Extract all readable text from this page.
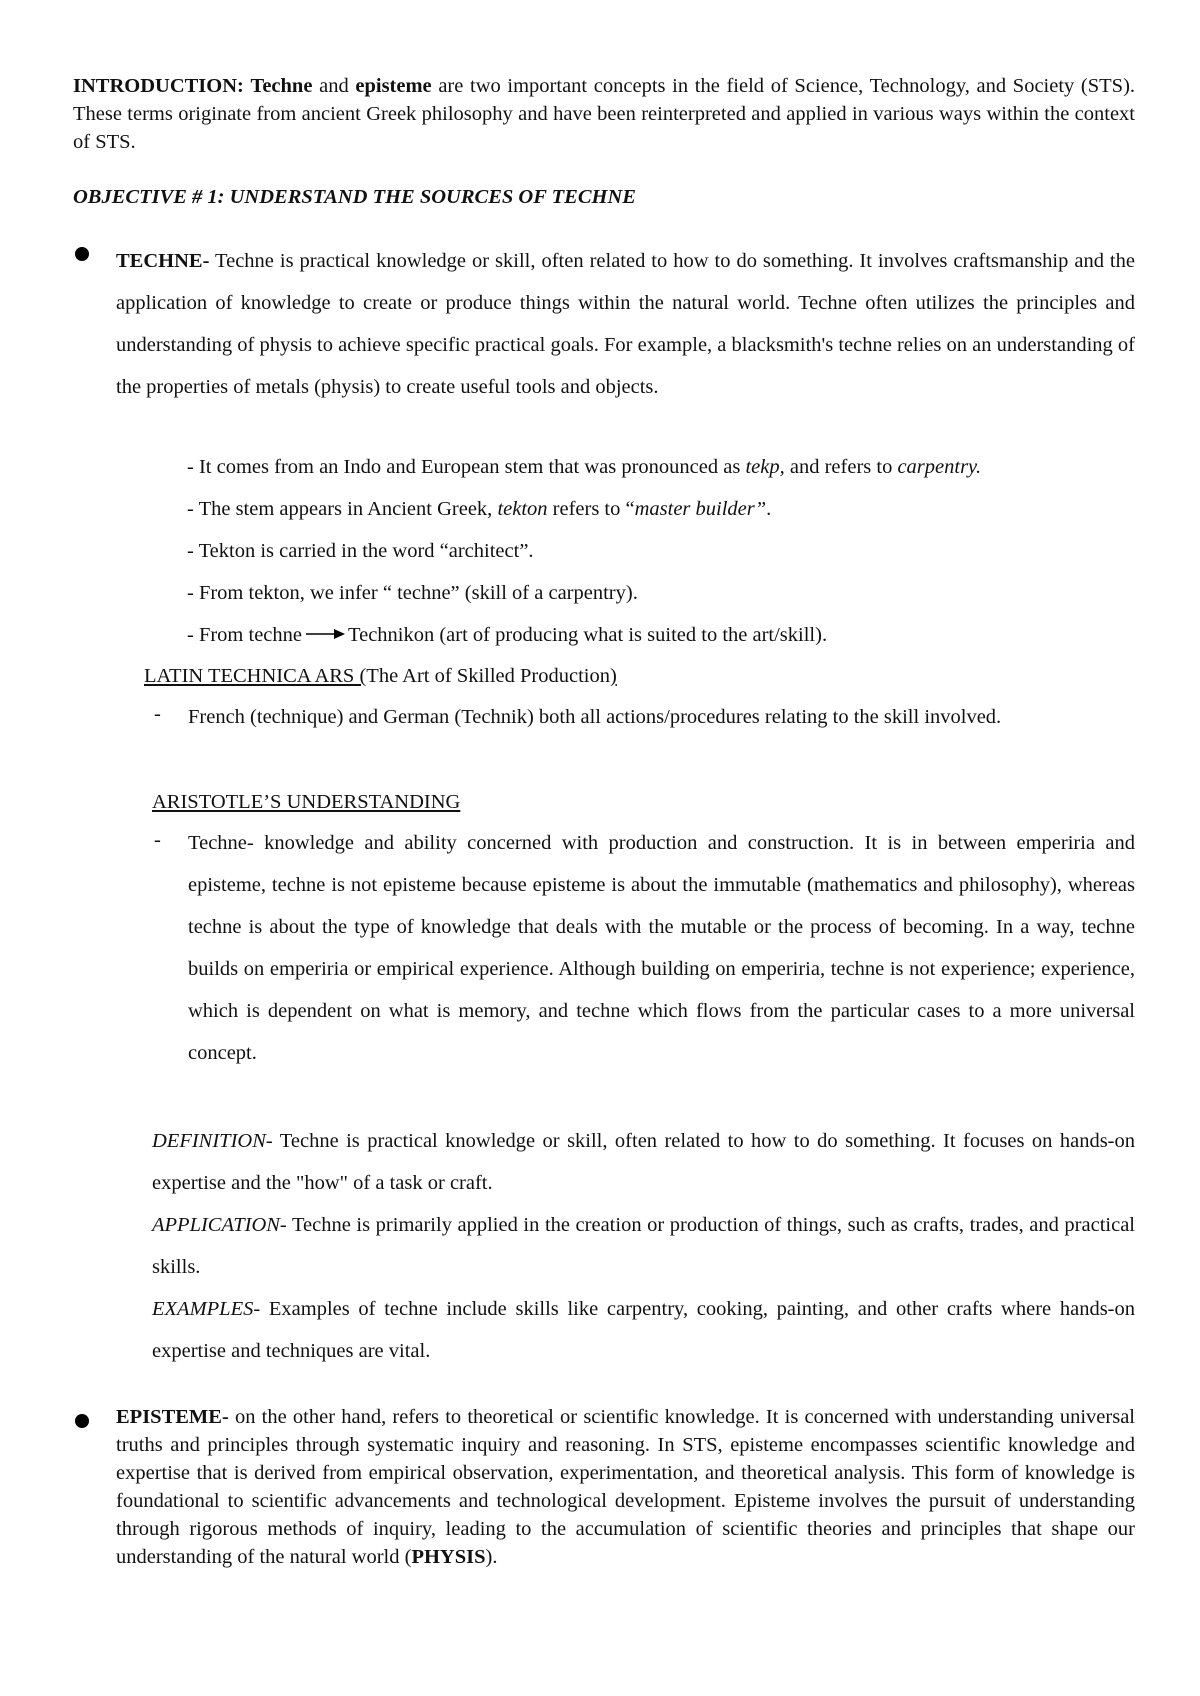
INTRODUCTION: Techne and episteme are two important concepts in the field of Science, Technology, and Society (STS). These terms originate from ancient Greek philosophy and have been reinterpreted and applied in various ways within the context of STS.
OBJECTIVE # 1: UNDERSTAND THE SOURCES OF TECHNE
TECHNE- Techne is practical knowledge or skill, often related to how to do something. It involves craftsmanship and the application of knowledge to create or produce things within the natural world. Techne often utilizes the principles and understanding of physis to achieve specific practical goals. For example, a blacksmith's techne relies on an understanding of the properties of metals (physis) to create useful tools and objects.
- It comes from an Indo and European stem that was pronounced as tekp, and refers to carpentry.
- The stem appears in Ancient Greek, tekton refers to “master builder”.
- Tekton is carried in the word “architect”.
- From tekton, we infer “ techne” (skill of a carpentry).
- From techne Technikon (art of producing what is suited to the art/skill).
LATIN TECHNICA ARS (The Art of Skilled Production)
- French (technique) and German (Technik) both all actions/procedures relating to the skill involved.
ARISTOTLE’S UNDERSTANDING
- Techne- knowledge and ability concerned with production and construction. It is in between emperiria and episteme, techne is not episteme because episteme is about the immutable (mathematics and philosophy), whereas techne is about the type of knowledge that deals with the mutable or the process of becoming. In a way, techne builds on emperiria or empirical experience. Although building on emperiria, techne is not experience; experience, which is dependent on what is memory, and techne which flows from the particular cases to a more universal concept.
DEFINITION- Techne is practical knowledge or skill, often related to how to do something. It focuses on hands-on expertise and the "how" of a task or craft.
APPLICATION- Techne is primarily applied in the creation or production of things, such as crafts, trades, and practical skills.
EXAMPLES- Examples of techne include skills like carpentry, cooking, painting, and other crafts where hands-on expertise and techniques are vital.
EPISTEME- on the other hand, refers to theoretical or scientific knowledge. It is concerned with understanding universal truths and principles through systematic inquiry and reasoning. In STS, episteme encompasses scientific knowledge and expertise that is derived from empirical observation, experimentation, and theoretical analysis. This form of knowledge is foundational to scientific advancements and technological development. Episteme involves the pursuit of understanding through rigorous methods of inquiry, leading to the accumulation of scientific theories and principles that shape our understanding of the natural world (PHYSIS).
